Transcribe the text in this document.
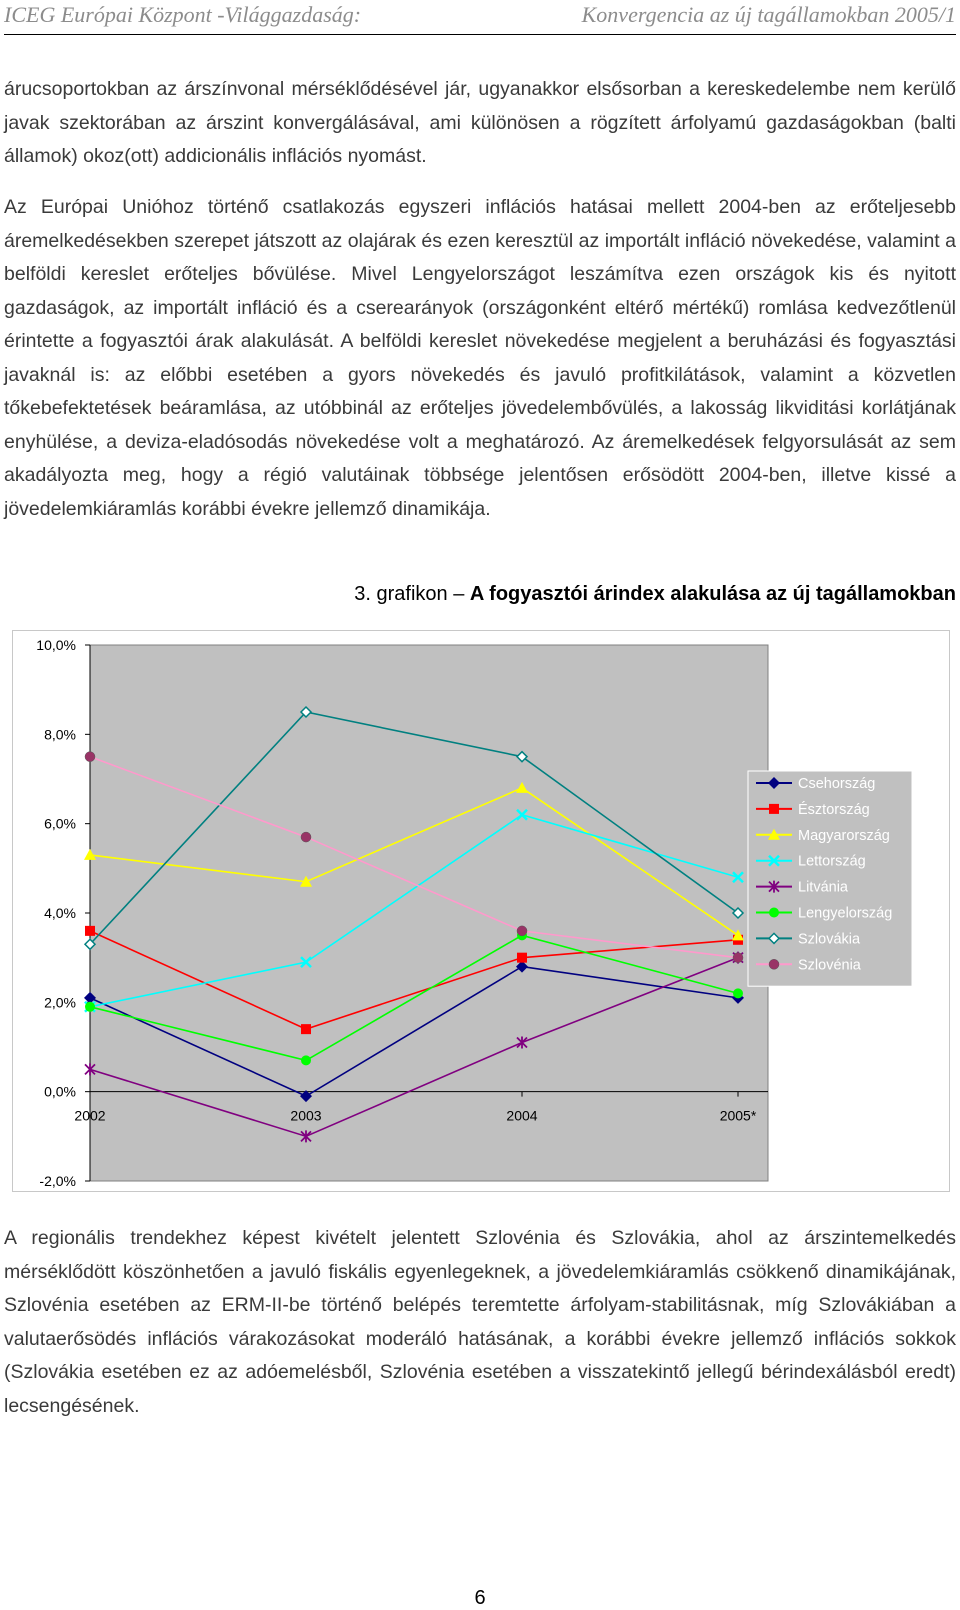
ICEG Európai Központ -Világgazdaság:	Konvergencia az új tagállamokban 2005/1

árucsoportokban az árszínvonal mérséklődésével jár, ugyanakkor elsősorban a kereskedelembe nem kerülő javak szektorában az árszint konvergálásával, ami különösen a rögzített árfolyamú gazdaságokban (balti államok) okoz(ott) addicionális inflációs nyomást.

Az Európai Unióhoz történő csatlakozás egyszeri inflációs hatásai mellett 2004-ben az erőteljesebb áremelkedésekben szerepet játszott az olajárak és ezen keresztül az importált infláció növekedése, valamint a belföldi kereslet erőteljes bővülése. Mivel Lengyelországot leszámítva ezen országok kis és nyitott gazdaságok, az importált infláció és a cserearányok (országonként eltérő mértékű) romlása kedvezőtlenül érintette a fogyasztói árak alakulását. A belföldi kereslet növekedése megjelent a beruházási és fogyasztási javaknál is: az előbbi esetében a gyors növekedés és javuló profitkilátások, valamint a közvetlen tőkebefektetések beáramlása, az utóbbinál az erőteljes jövedelembővülés, a lakosság likviditási korlátjának enyhülése, a deviza-eladósodás növekedése volt a meghatározó. Az áremelkedések felgyorsulását az sem akadályozta meg, hogy a régió valutáinak többsége jelentősen erősödött 2004-ben, illetve kissé a jövedelemkiáramlás korábbi évekre jellemző dinamikája.

3. grafikon – A fogyasztói árindex alakulása az új tagállamokban
-2,0%
0,0%
2,0%
4,0%
6,0%
8,0%
10,0%
2002	2003	2004	2005*
Csehország
Észtország
Magyarország
Lettország
Litvánia
Lengyelország
Szlovákia
Szlovénia

A regionális trendekhez képest kivételt jelentett Szlovénia és Szlovákia, ahol az árszintemelkedés mérséklődött köszönhetően a javuló fiskális egyenlegeknek, a jövedelemkiáramlás csökkenő dinamikájának, Szlovénia esetében az ERM-II-be történő belépés teremtette árfolyam-stabilitásnak, míg Szlovákiában a valutaerősödés inflációs várakozásokat moderáló hatásának, a korábbi évekre jellemző inflációs sokkok (Szlovákia esetében ez az adóemelésből, Szlovénia esetében a visszatekintő jellegű bérindexálásból eredt) lecsengésének.

6
